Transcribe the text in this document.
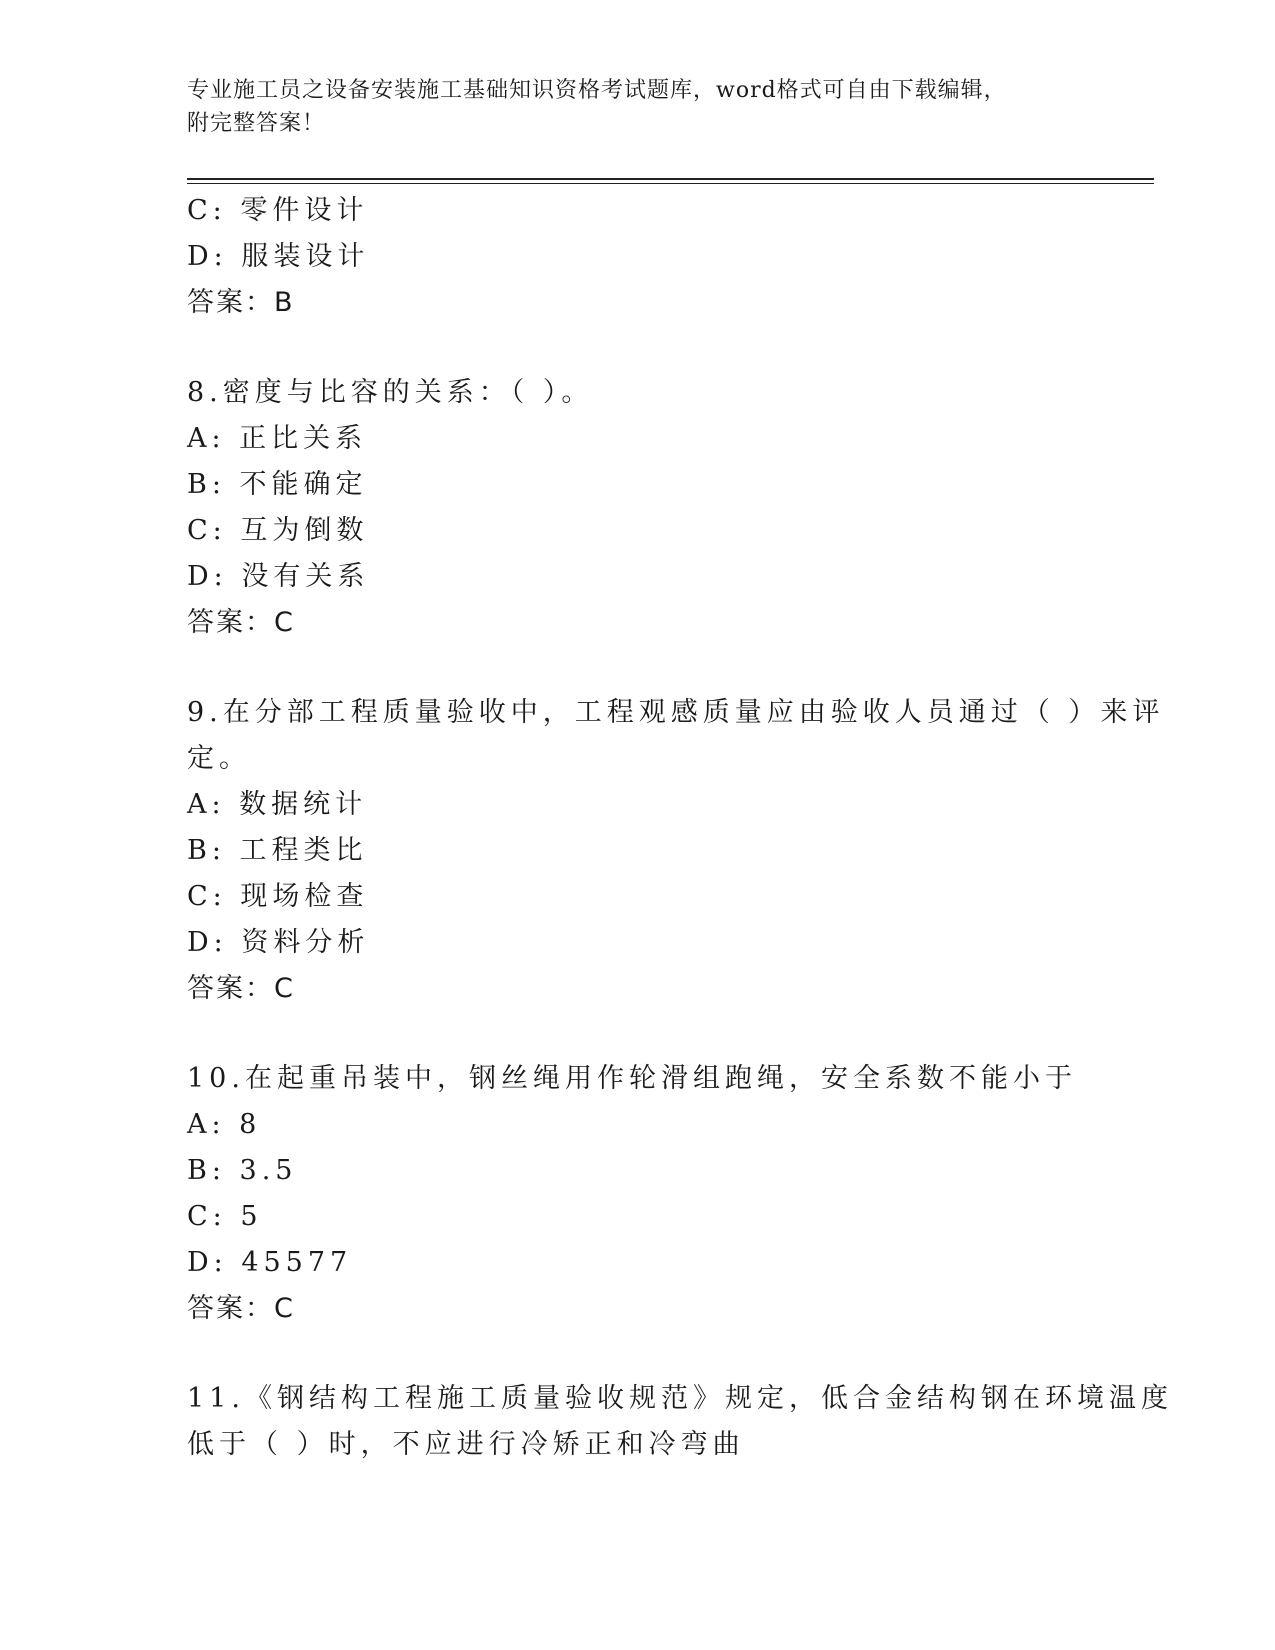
专业施工员之设备安装施工基础知识资格考试题库，word格式可自由下载编辑，
附完整答案！
C: 零件设计
D: 服装设计
答案：B
8.密度与比容的关系：（ ）。
A: 正比关系
B: 不能确定
C: 互为倒数
D: 没有关系
答案：C
9.在分部工程质量验收中，工程观感质量应由验收人员通过（ ）来评
定。
A: 数据统计
B: 工程类比
C: 现场检查
D: 资料分析
答案：C
10.在起重吊装中，钢丝绳用作轮滑组跑绳，安全系数不能小于
A: 8
B: 3.5
C: 5
D: 45577
答案：C
11.《钢结构工程施工质量验收规范》规定，低合金结构钢在环境温度
低于（ ）时，不应进行冷矫正和冷弯曲
